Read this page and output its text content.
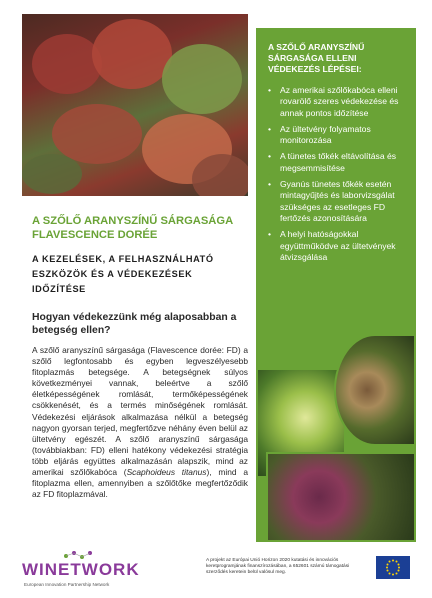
A SZŐLŐ ARANYSZÍNŰ SÁRGASÁGA FLAVESCENCE DORÉE
A KEZELÉSEK, A FELHASZNÁLHATÓ ESZKÖZÖK ÉS A VÉDEKEZÉSEK IDŐZÍTÉSE
Hogyan védekezzünk még alaposabban a betegség ellen?

A szőlő aranyszínű sárgasága (Flavescence dorée: FD) a szőlő legfontosabb és egyben legveszélyesebb fitoplazmás betegsége. A betegségnek súlyos következményei vannak, beleértve a szőlő életképességének romlását, termőképességének csökkenését, és a termés minőségének romlását. Védekezési eljárások alkalmazása nélkül a betegség nagyon gyorsan terjed, megfertőzve néhány éven belül az ültetvény egészét. A szőlő aranyszínű sárgasága (továbbiakban: FD) elleni hatékony védekezési stratégia több eljárás együttes alkalmazásán alapszik, mind az amerikai szőlőkabóca (Scaphoideus titanus), mind a fitoplazma ellen, amennyiben a szőlőtőke megfertőződik az FD fitoplazmával.

A SZŐLŐ ARANYSZÍNŰ SÁRGASÁGA ELLENI VÉDEKEZÉS LÉPÉSEI:
• Az amerikai szőlőkabóca elleni rovarölő szeres védekezése és annak pontos időzítése
• Az ültetvény folyamatos monitorozása
• A tünetes tőkék eltávolítása és megsemmisítése
• Gyanús tünetes tőkék esetén mintagyűjtés és laborvizsgálat szükséges az esetleges FD fertőzés azonosítására
• A helyi hatóságokkal együttműködve az ültetvények átvizsgálása
WINETWORK
European Innovation Partnership Network
A projekt az Európai Unió Horizon 2020 kutatási és innovációs keretprogramjának finanszírozásában, a 652601 számú támogatási szerződés keretein belül valósul meg.
